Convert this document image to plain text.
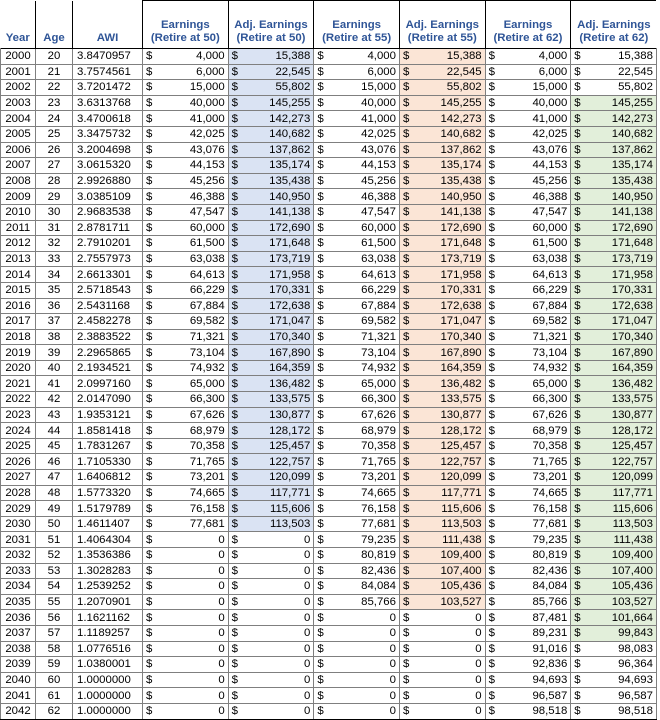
Year	Age	AWI	Earnings (Retire at 50)	Adj. Earnings (Retire at 50)	Earnings (Retire at 55)	Adj. Earnings (Retire at 55)	Earnings (Retire at 62)	Adj. Earnings (Retire at 62)
2000	20	3.8470957	$ 4,000	$ 15,388	$ 4,000	$ 15,388	$ 4,000	$ 15,388

2001	21	3.7574561	$ 6,000	$ 22,545	$ 6,000	$ 22,545	$ 6,000	$ 22,545

2002	22	3.7201472	$ 15,000	$ 55,802	$ 15,000	$ 55,802	$ 15,000	$ 55,802

2003	23	3.6313768	$ 40,000	$ 145,255	$ 40,000	$ 145,255	$ 40,000	$ 145,255

2004	24	3.4700618	$ 41,000	$ 142,273	$ 41,000	$ 142,273	$ 41,000	$ 142,273

2005	25	3.3475732	$ 42,025	$ 140,682	$ 42,025	$ 140,682	$ 42,025	$ 140,682

2006	26	3.2004698	$ 43,076	$ 137,862	$ 43,076	$ 137,862	$ 43,076	$ 137,862

2007	27	3.0615320	$ 44,153	$ 135,174	$ 44,153	$ 135,174	$ 44,153	$ 135,174

2008	28	2.9926880	$ 45,256	$ 135,438	$ 45,256	$ 135,438	$ 45,256	$ 135,438

2009	29	3.0385109	$ 46,388	$ 140,950	$ 46,388	$ 140,950	$ 46,388	$ 140,950

2010	30	2.9683538	$ 47,547	$ 141,138	$ 47,547	$ 141,138	$ 47,547	$ 141,138

2011	31	2.8781711	$ 60,000	$ 172,690	$ 60,000	$ 172,690	$ 60,000	$ 172,690

2012	32	2.7910201	$ 61,500	$ 171,648	$ 61,500	$ 171,648	$ 61,500	$ 171,648

2013	33	2.7557973	$ 63,038	$ 173,719	$ 63,038	$ 173,719	$ 63,038	$ 173,719

2014	34	2.6613301	$ 64,613	$ 171,958	$ 64,613	$ 171,958	$ 64,613	$ 171,958

2015	35	2.5718543	$ 66,229	$ 170,331	$ 66,229	$ 170,331	$ 66,229	$ 170,331

2016	36	2.5431168	$ 67,884	$ 172,638	$ 67,884	$ 172,638	$ 67,884	$ 172,638

2017	37	2.4582278	$ 69,582	$ 171,047	$ 69,582	$ 171,047	$ 69,582	$ 171,047

2018	38	2.3883522	$ 71,321	$ 170,340	$ 71,321	$ 170,340	$ 71,321	$ 170,340

2019	39	2.2965865	$ 73,104	$ 167,890	$ 73,104	$ 167,890	$ 73,104	$ 167,890

2020	40	2.1934521	$ 74,932	$ 164,359	$ 74,932	$ 164,359	$ 74,932	$ 164,359

2021	41	2.0997160	$ 65,000	$ 136,482	$ 65,000	$ 136,482	$ 65,000	$ 136,482

2022	42	2.0147090	$ 66,300	$ 133,575	$ 66,300	$ 133,575	$ 66,300	$ 133,575

2023	43	1.9353121	$ 67,626	$ 130,877	$ 67,626	$ 130,877	$ 67,626	$ 130,877

2024	44	1.8581418	$ 68,979	$ 128,172	$ 68,979	$ 128,172	$ 68,979	$ 128,172

2025	45	1.7831267	$ 70,358	$ 125,457	$ 70,358	$ 125,457	$ 70,358	$ 125,457

2026	46	1.7105330	$ 71,765	$ 122,757	$ 71,765	$ 122,757	$ 71,765	$ 122,757

2027	47	1.6406812	$ 73,201	$ 120,099	$ 73,201	$ 120,099	$ 73,201	$ 120,099

2028	48	1.5773320	$ 74,665	$ 117,771	$ 74,665	$ 117,771	$ 74,665	$ 117,771

2029	49	1.5179789	$ 76,158	$ 115,606	$ 76,158	$ 115,606	$ 76,158	$ 115,606

2030	50	1.4611407	$ 77,681	$ 113,503	$ 77,681	$ 113,503	$ 77,681	$ 113,503

2031	51	1.4064304	$ 0	$ 0	$ 79,235	$ 111,438	$ 79,235	$ 111,438

2032	52	1.3536386	$ 0	$ 0	$ 80,819	$ 109,400	$ 80,819	$ 109,400

2033	53	1.3028283	$ 0	$ 0	$ 82,436	$ 107,400	$ 82,436	$ 107,400

2034	54	1.2539252	$ 0	$ 0	$ 84,084	$ 105,436	$ 84,084	$ 105,436

2035	55	1.2070901	$ 0	$ 0	$ 85,766	$ 103,527	$ 85,766	$ 103,527

2036	56	1.1621162	$ 0	$ 0	$ 0	$ 0	$ 87,481	$ 101,664

2037	57	1.1189257	$ 0	$ 0	$ 0	$ 0	$ 89,231	$ 99,843

2038	58	1.0776516	$ 0	$ 0	$ 0	$ 0	$ 91,016	$ 98,083

2039	59	1.0380001	$ 0	$ 0	$ 0	$ 0	$ 92,836	$ 96,364

2040	60	1.0000000	$ 0	$ 0	$ 0	$ 0	$ 94,693	$ 94,693

2041	61	1.0000000	$ 0	$ 0	$ 0	$ 0	$ 96,587	$ 96,587

2042	62	1.0000000	$ 0	$ 0	$ 0	$ 0	$ 98,518	$ 98,518
